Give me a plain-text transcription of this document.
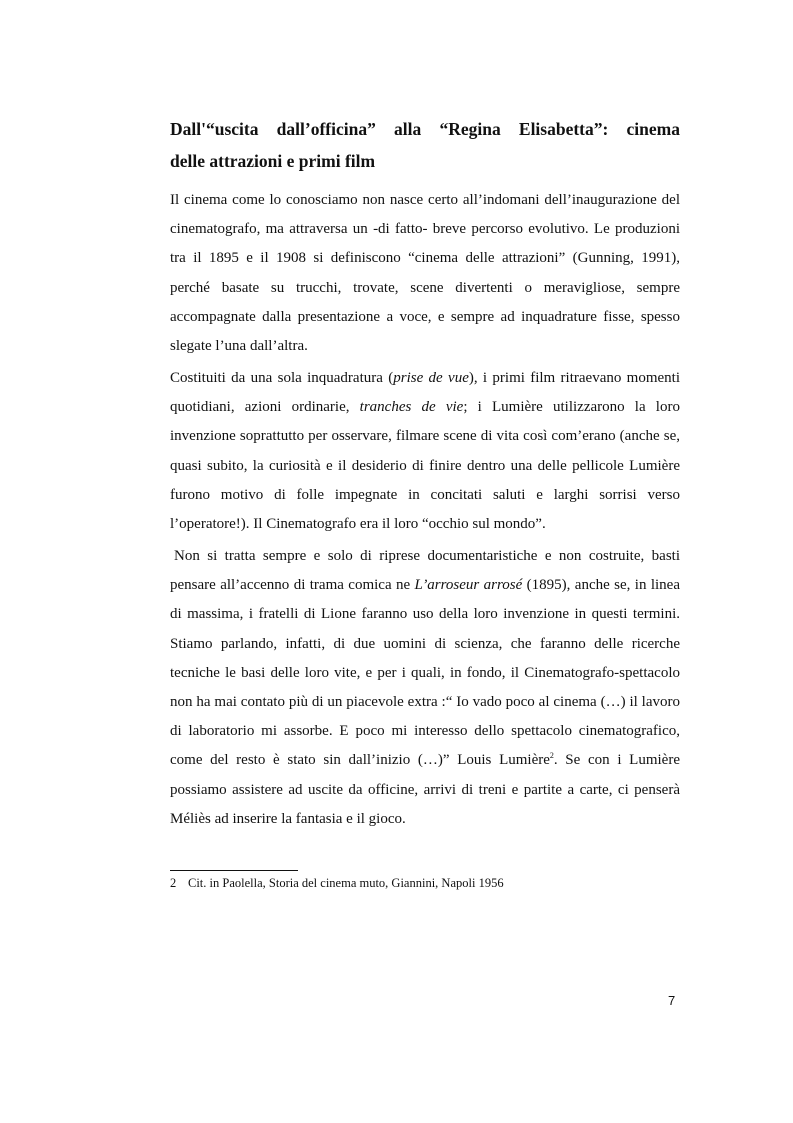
Dall'“uscita dall’officina” alla “Regina Elisabetta”: cinema
delle attrazioni e primi film

Il cinema come lo conosciamo non nasce certo all’indomani dell’inaugurazione del cinematografo, ma attraversa un -di fatto- breve percorso evolutivo. Le produzioni tra il 1895 e il 1908 si definiscono “cinema delle attrazioni” (Gunning, 1991), perché basate su trucchi, trovate, scene divertenti o meravigliose, sempre accompagnate dalla presentazione a voce, e sempre ad inquadrature fisse, spesso slegate l’una dall’altra.

Costituiti da una sola inquadratura (prise de vue), i primi film ritraevano momenti quotidiani, azioni ordinarie, tranches de vie; i Lumière utilizzarono la loro invenzione soprattutto per osservare, filmare scene di vita così com’erano (anche se, quasi subito, la curiosità e il desiderio di finire dentro una delle pellicole Lumière furono motivo di folle impegnate in concitati saluti e larghi sorrisi verso l’operatore!). Il Cinematografo era il loro “occhio sul mondo”.

Non si tratta sempre e solo di riprese documentaristiche e non costruite, basti pensare all’accenno di trama comica ne L’arroseur arrosé (1895), anche se, in linea di massima, i fratelli di Lione faranno uso della loro invenzione in questi termini. Stiamo parlando, infatti, di due uomini di scienza, che faranno delle ricerche tecniche le basi delle loro vite, e per i quali, in fondo, il Cinematografo-spettacolo non ha mai contato più di un piacevole extra :“ Io vado poco al cinema (…) il lavoro di laboratorio mi assorbe. E poco mi interesso dello spettacolo cinematografico, come del resto è stato sin dall’inizio (…)” Louis Lumière$^2$. Se con i Lumière possiamo assistere ad uscite da officine, arrivi di treni e partite a carte, ci penserà Méliès ad inserire la fantasia e il gioco.

2 Cit. in Paolella, Storia del cinema muto, Giannini, Napoli 1956

7
